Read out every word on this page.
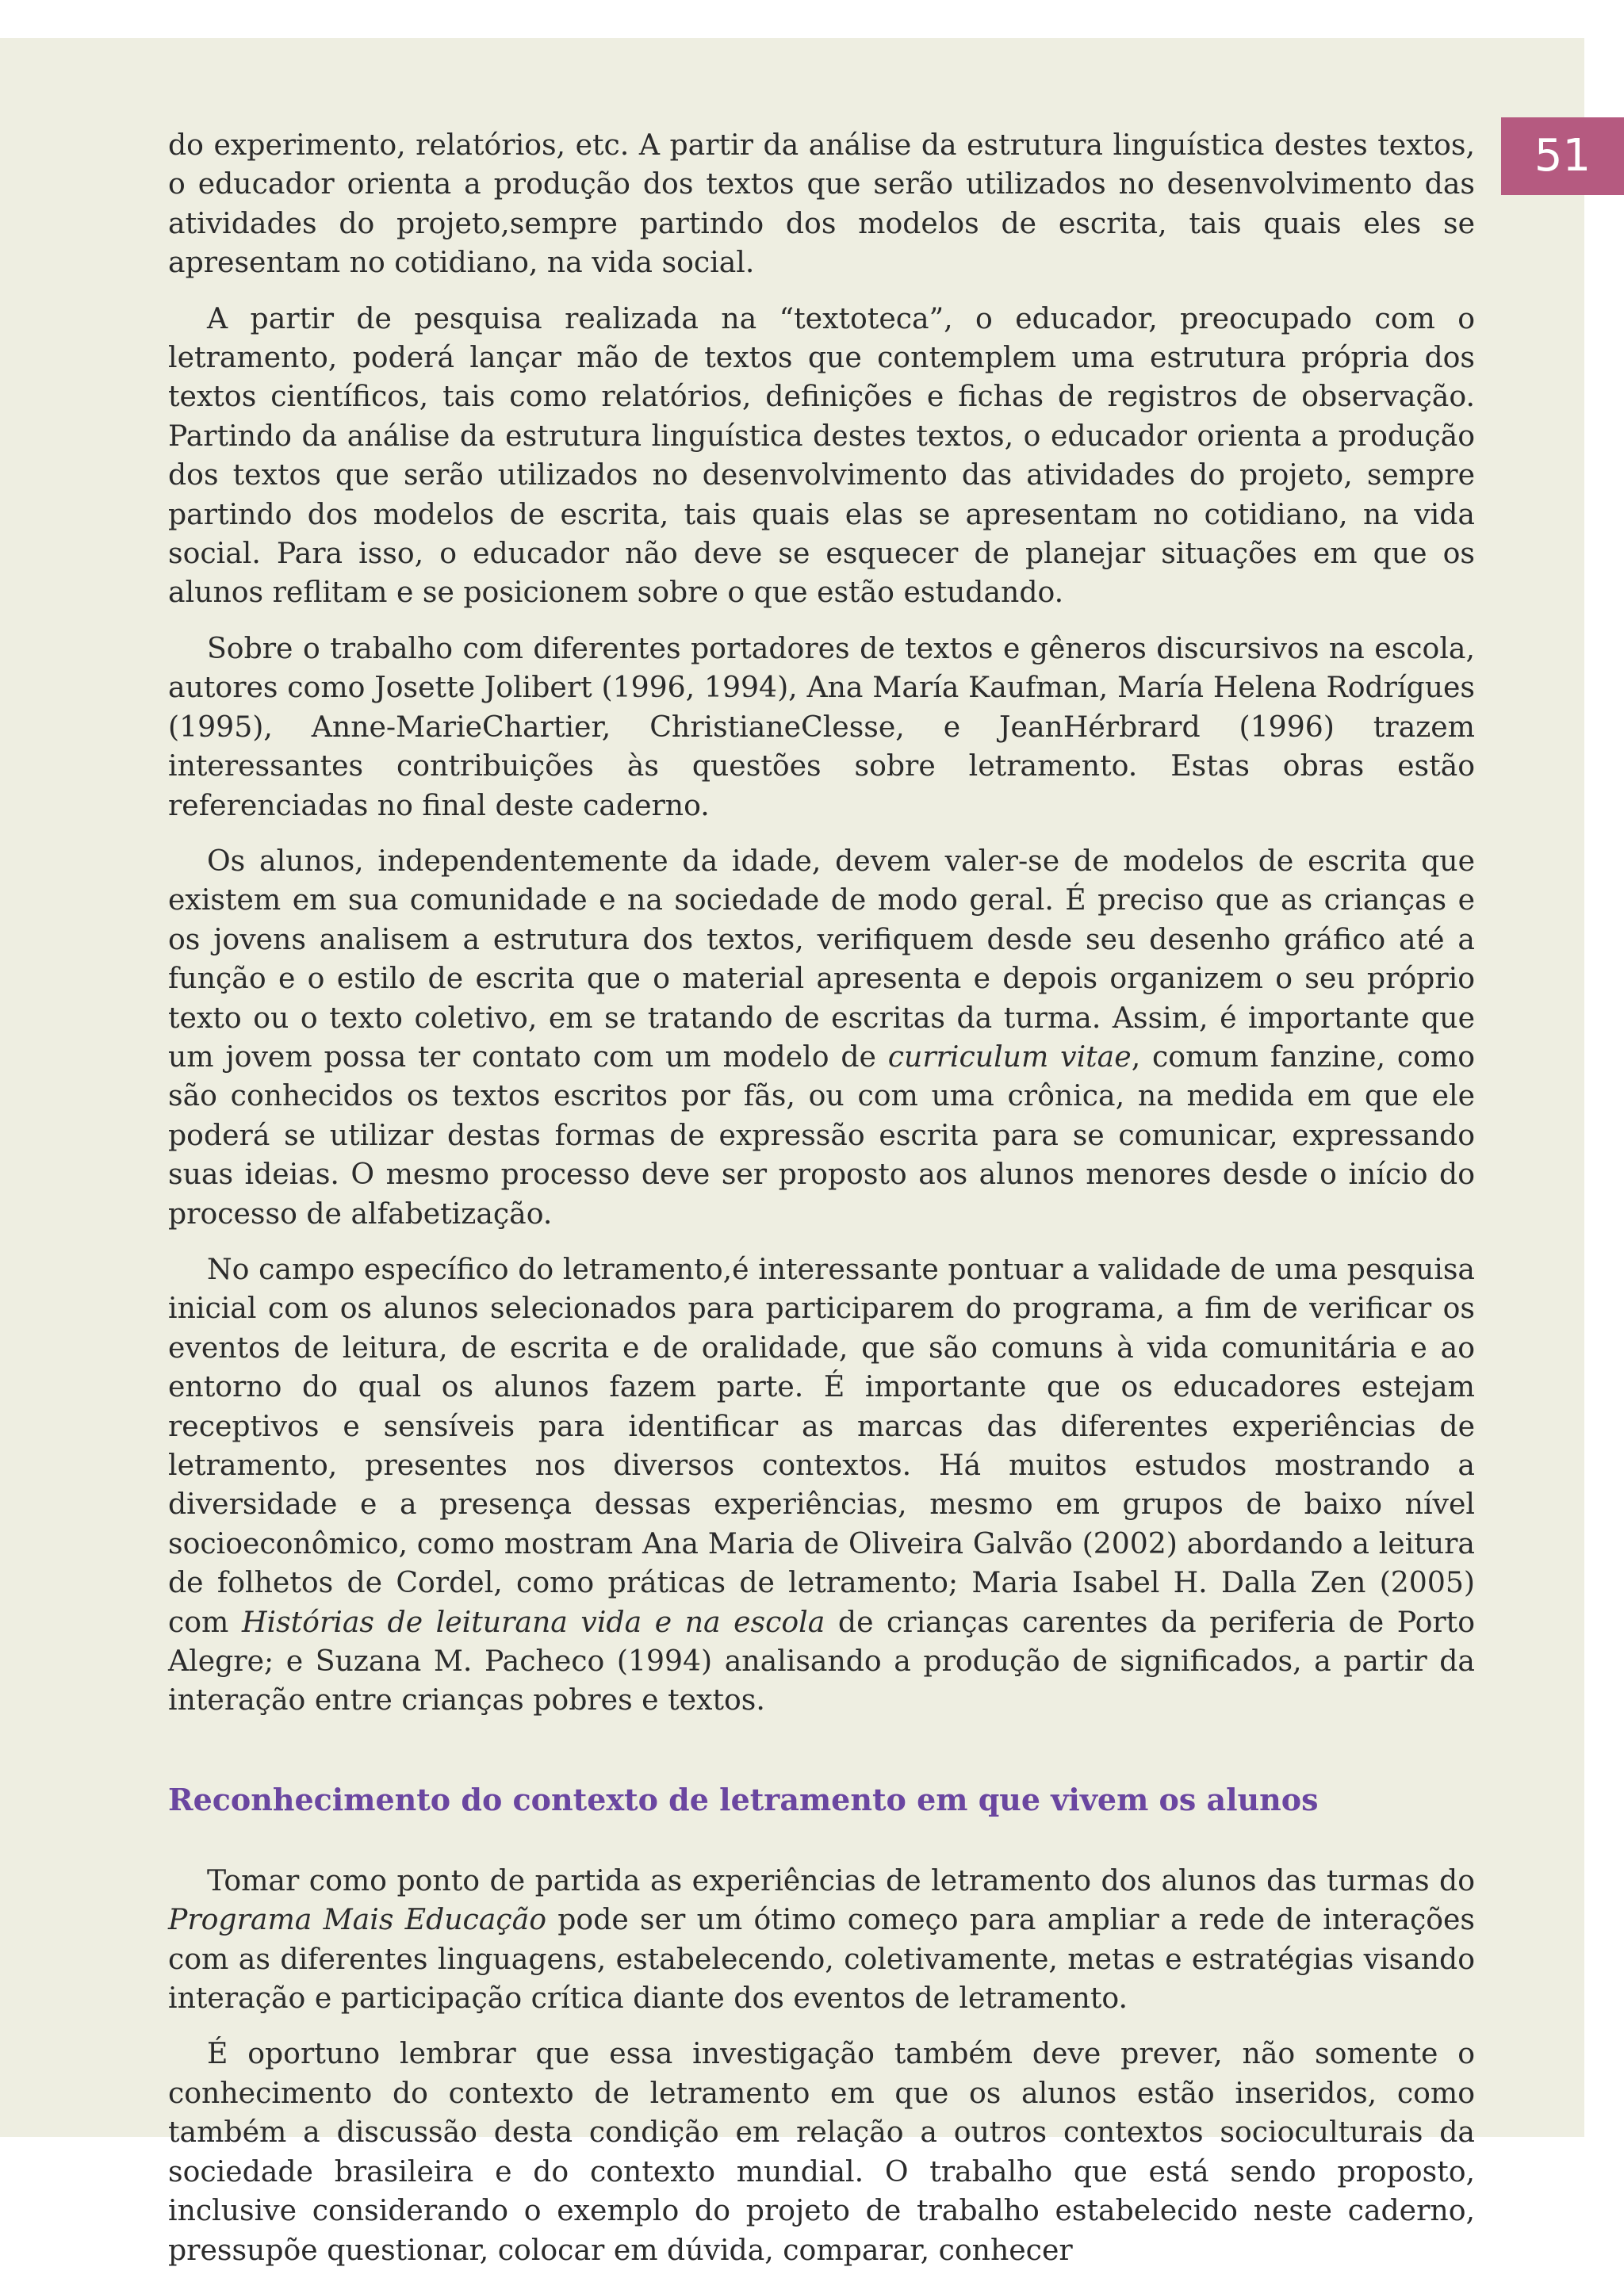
51

do experimento, relatórios, etc. A partir da análise da estrutura linguística destes textos, o educador orienta a produção dos textos que serão utilizados no desenvolvimento das atividades do projeto,sempre partindo dos modelos de escrita, tais quais eles se apresentam no cotidiano, na vida social.

A partir de pesquisa realizada na “textoteca”, o educador, preocupado com o letramento, poderá lançar mão de textos que contemplem uma estrutura própria dos textos científicos, tais como relatórios, definições e fichas de registros de observação. Partindo da análise da estrutura linguística destes textos, o educador orienta a produção dos textos que serão utilizados no desenvolvimento das atividades do projeto, sempre partindo dos modelos de escrita, tais quais elas se apresentam no cotidiano, na vida social. Para isso, o educador não deve se esquecer de planejar situações em que os alunos reflitam e se posicionem sobre o que estão estudando.

Sobre o trabalho com diferentes portadores de textos e gêneros discursivos na escola, autores como Josette Jolibert (1996, 1994), Ana María Kaufman, María Helena Rodrígues (1995), Anne-MarieChartier, ChristianeClesse, e JeanHérbrard (1996) trazem interessantes contribuições às questões sobre letramento. Estas obras estão referenciadas no final deste caderno.

Os alunos, independentemente da idade, devem valer-se de modelos de escrita que existem em sua comunidade e na sociedade de modo geral. É preciso que as crianças e os jovens analisem a estrutura dos textos, verifiquem desde seu desenho gráfico até a função e o estilo de escrita que o material apresenta e depois organizem o seu próprio texto ou o texto coletivo, em se tratando de escritas da turma. Assim, é importante que um jovem possa ter contato com um modelo de curriculum vitae, comum fanzine, como são conhecidos os textos escritos por fãs, ou com uma crônica, na medida em que ele poderá se utilizar destas formas de expressão escrita para se comunicar, expressando suas ideias. O mesmo processo deve ser proposto aos alunos menores desde o início do processo de alfabetização.

No campo específico do letramento,é interessante pontuar a validade de uma pesquisa inicial com os alunos selecionados para participarem do programa, a fim de verificar os eventos de leitura, de escrita e de oralidade, que são comuns à vida comunitária e ao entorno do qual os alunos fazem parte. É importante que os educadores estejam receptivos e sensíveis para identificar as marcas das diferentes experiências de letramento, presentes nos diversos contextos. Há muitos estudos mostrando a diversidade e a presença dessas experiências, mesmo em grupos de baixo nível socioeconômico, como mostram Ana Maria de Oliveira Galvão (2002) abordando a leitura de folhetos de Cordel, como práticas de letramento; Maria Isabel H. Dalla Zen (2005) com Histórias de leiturana vida e na escola de crianças carentes da periferia de Porto Alegre; e Suzana M. Pacheco (1994) analisando a produção de significados, a partir da interação entre crianças pobres e textos.

Reconhecimento do contexto de letramento em que vivem os alunos

Tomar como ponto de partida as experiências de letramento dos alunos das turmas do Programa Mais Educação pode ser um ótimo começo para ampliar a rede de interações com as diferentes linguagens, estabelecendo, coletivamente, metas e estratégias visando interação e participação crítica diante dos eventos de letramento.

É oportuno lembrar que essa investigação também deve prever, não somente o conhecimento do contexto de letramento em que os alunos estão inseridos, como também a discussão desta condição em relação a outros contextos socioculturais da sociedade brasileira e do contexto mundial. O trabalho que está sendo proposto, inclusive considerando o exemplo do projeto de trabalho estabelecido neste caderno, pressupõe questionar, colocar em dúvida, comparar, conhecer
